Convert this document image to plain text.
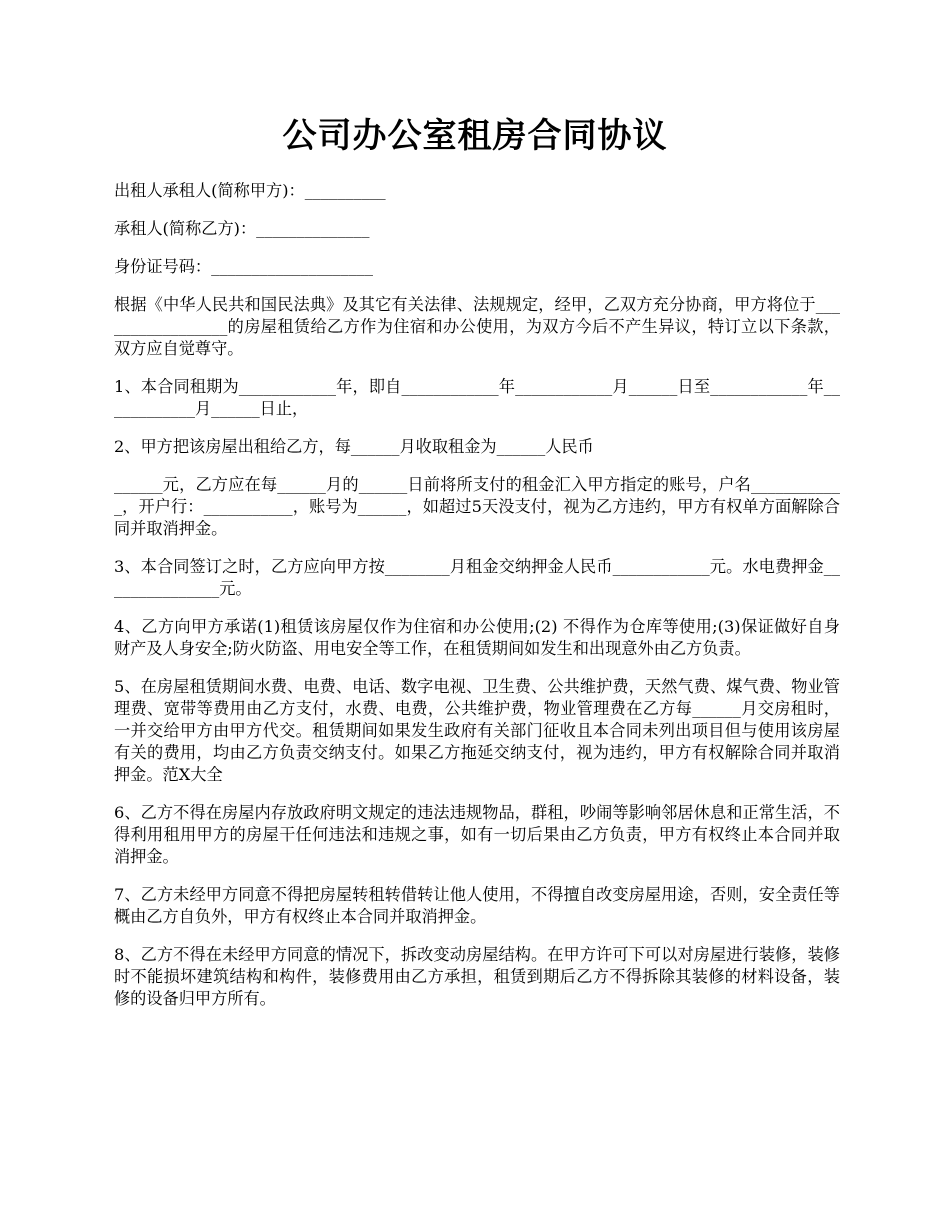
公司办公室租房合同协议

出租人承租人(简称甲方)：__________

承租人(简称乙方)：______________

身份证号码：____________________

根据《中华人民共和国民法典》及其它有关法律、法规规定，经甲，乙双方充分协商，甲方将位于_________________的房屋租赁给乙方作为住宿和办公使用，为双方今后不产生异议，特订立以下条款，双方应自觉尊守。

1、本合同租期为____________年，即自____________年____________月______日至____________年____________月______日止，

2、甲方把该房屋出租给乙方，每______月收取租金为______人民币

______元，乙方应在每______月的______日前将所支付的租金汇入甲方指定的账号，户名____________，开户行：___________，账号为______，如超过5天没支付，视为乙方违约，甲方有权单方面解除合同并取消押金。

3、本合同签订之时，乙方应向甲方按________月租金交纳押金人民币____________元。水电费押金_______________元。

4、乙方向甲方承诺(1)租赁该房屋仅作为住宿和办公使用;(2) 不得作为仓库等使用;(3)保证做好自身财产及人身安全;防火防盗、用电安全等工作，在租赁期间如发生和出现意外由乙方负责。

5、在房屋租赁期间水费、电费、电话、数字电视、卫生费、公共维护费，天然气费、煤气费、物业管理费、宽带等费用由乙方支付，水费、电费，公共维护费，物业管理费在乙方每______月交房租时，一并交给甲方由甲方代交。租赁期间如果发生政府有关部门征收且本合同未列出项目但与使用该房屋有关的费用，均由乙方负责交纳支付。如果乙方拖延交纳支付，视为违约，甲方有权解除合同并取消押金。范X大全

6、乙方不得在房屋内存放政府明文规定的违法违规物品，群租，吵闹等影响邻居休息和正常生活，不得利用租用甲方的房屋干任何违法和违规之事，如有一切后果由乙方负责，甲方有权终止本合同并取消押金。

7、乙方未经甲方同意不得把房屋转租转借转让他人使用，不得擅自改变房屋用途，否则，安全责任等概由乙方自负外，甲方有权终止本合同并取消押金。

8、乙方不得在未经甲方同意的情况下，拆改变动房屋结构。在甲方许可下可以对房屋进行装修，装修时不能损坏建筑结构和构件，装修费用由乙方承担，租赁到期后乙方不得拆除其装修的材料设备，装修的设备归甲方所有。
